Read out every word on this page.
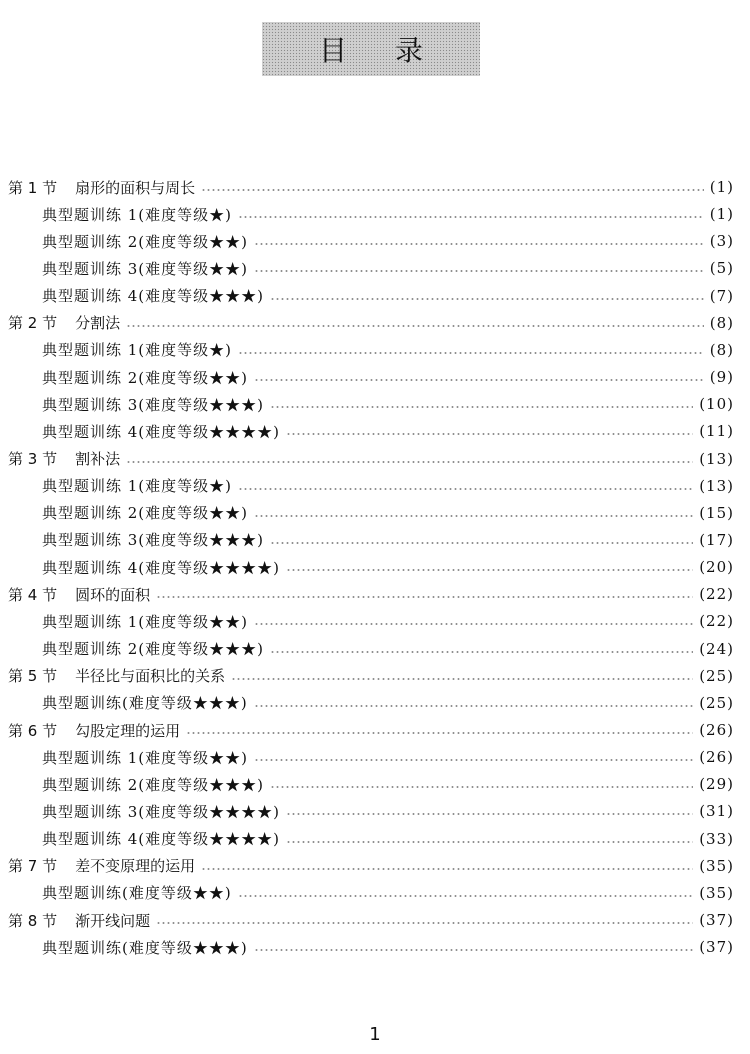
目录
第 1 节 扇形的面积与周长	(1)
典型题训练 1(难度等级★)	(1)
典型题训练 2(难度等级★★)	(3)
典型题训练 3(难度等级★★)	(5)
典型题训练 4(难度等级★★★)	(7)
第 2 节 分割法	(8)
典型题训练 1(难度等级★)	(8)
典型题训练 2(难度等级★★)	(9)
典型题训练 3(难度等级★★★)	(10)
典型题训练 4(难度等级★★★★)	(11)
第 3 节 割补法	(13)
典型题训练 1(难度等级★)	(13)
典型题训练 2(难度等级★★)	(15)
典型题训练 3(难度等级★★★)	(17)
典型题训练 4(难度等级★★★★)	(20)
第 4 节 圆环的面积	(22)
典型题训练 1(难度等级★★)	(22)
典型题训练 2(难度等级★★★)	(24)
第 5 节 半径比与面积比的关系	(25)
典型题训练(难度等级★★★)	(25)
第 6 节 勾股定理的运用	(26)
典型题训练 1(难度等级★★)	(26)
典型题训练 2(难度等级★★★)	(29)
典型题训练 3(难度等级★★★★)	(31)
典型题训练 4(难度等级★★★★)	(33)
第 7 节 差不变原理的运用	(35)
典型题训练(难度等级★★)	(35)
第 8 节 渐开线问题	(37)
典型题训练(难度等级★★★)	(37)
1
